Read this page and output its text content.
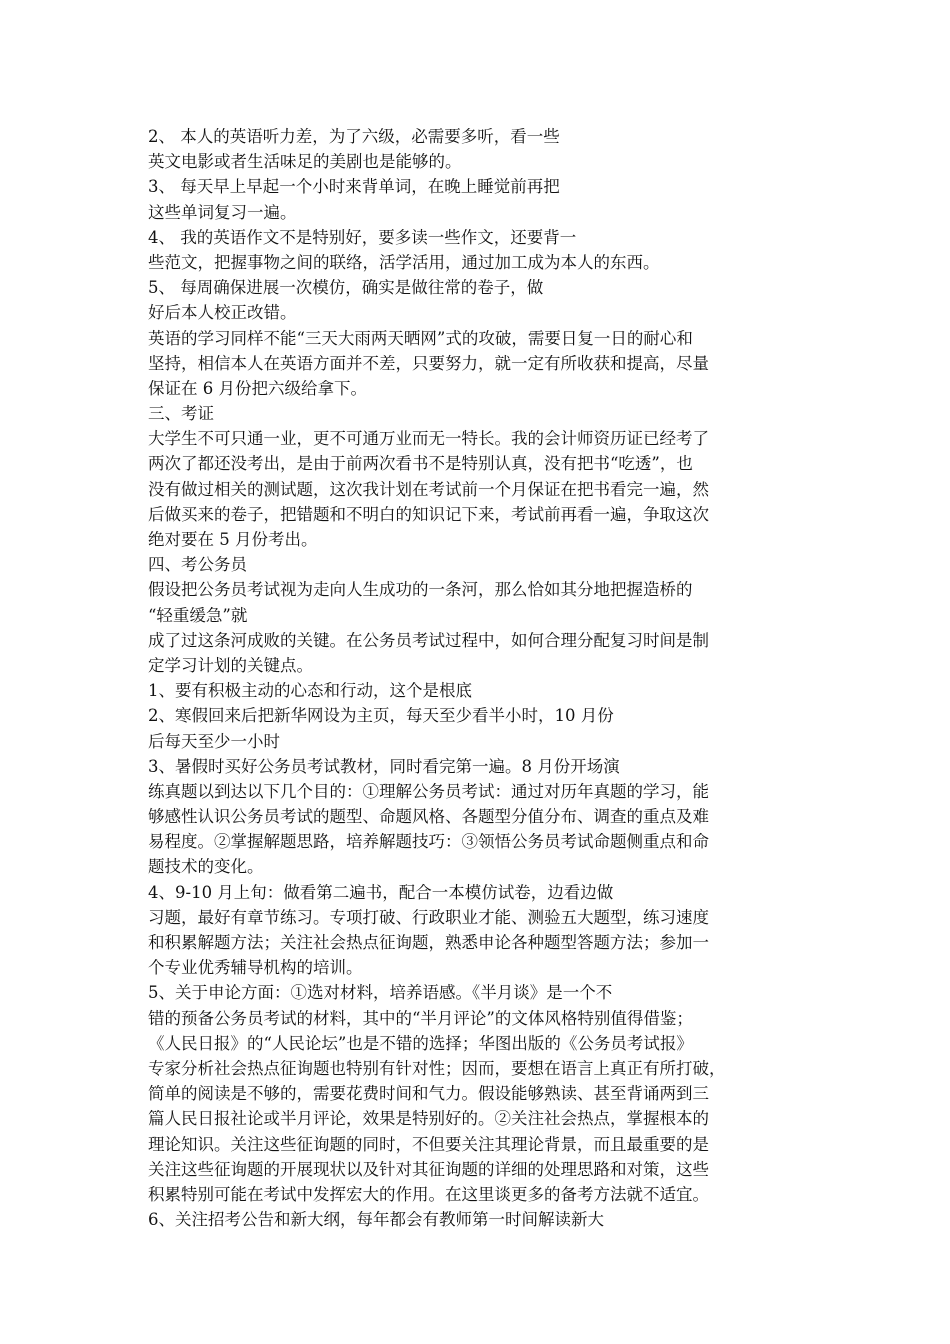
2、 本人的英语听力差，为了六级，必需要多听，看一些
英文电影或者生活味足的美剧也是能够的。
3、 每天早上早起一个小时来背单词，在晚上睡觉前再把
这些单词复习一遍。
4、 我的英语作文不是特别好，要多读一些作文，还要背一
些范文，把握事物之间的联络，活学活用，通过加工成为本人的东西。
5、 每周确保进展一次模仿，确实是做往常的卷子，做
好后本人校正改错。
英语的学习同样不能“三天大雨两天晒网”式的攻破，需要日复一日的耐心和
坚持，相信本人在英语方面并不差，只要努力，就一定有所收获和提高，尽量
保证在 6 月份把六级给拿下。
三、考证
大学生不可只通一业，更不可通万业而无一特长。我的会计师资历证已经考了
两次了都还没考出，是由于前两次看书不是特别认真，没有把书“吃透”，也
没有做过相关的测试题，这次我计划在考试前一个月保证在把书看完一遍，然
后做买来的卷子，把错题和不明白的知识记下来，考试前再看一遍，争取这次
绝对要在 5 月份考出。
四、考公务员
假设把公务员考试视为走向人生成功的一条河，那么恰如其分地把握造桥的
“轻重缓急”就
成了过这条河成败的关键。在公务员考试过程中，如何合理分配复习时间是制
定学习计划的关键点。
1、要有积极主动的心态和行动，这个是根底
2、寒假回来后把新华网设为主页，每天至少看半小时，10 月份
后每天至少一小时
3、暑假时买好公务员考试教材，同时看完第一遍。8 月份开场演
练真题以到达以下几个目的：①理解公务员考试：通过对历年真题的学习，能
够感性认识公务员考试的题型、命题风格、各题型分值分布、调查的重点及难
易程度。②掌握解题思路，培养解题技巧：③领悟公务员考试命题侧重点和命
题技术的变化。
4、9-10 月上旬：做看第二遍书，配合一本模仿试卷，边看边做
习题，最好有章节练习。专项打破、行政职业才能、测验五大题型，练习速度
和积累解题方法；关注社会热点征询题，熟悉申论各种题型答题方法；参加一
个专业优秀辅导机构的培训。
5、关于申论方面：①选对材料，培养语感。《半月谈》是一个不
错的预备公务员考试的材料，其中的“半月评论”的文体风格特别值得借鉴；
《人民日报》的“人民论坛”也是不错的选择；华图出版的《公务员考试报》
专家分析社会热点征询题也特别有针对性；因而，要想在语言上真正有所打破，
简单的阅读是不够的，需要花费时间和气力。假设能够熟读、甚至背诵两到三
篇人民日报社论或半月评论，效果是特别好的。②关注社会热点，掌握根本的
理论知识。关注这些征询题的同时，不但要关注其理论背景，而且最重要的是
关注这些征询题的开展现状以及针对其征询题的详细的处理思路和对策，这些
积累特别可能在考试中发挥宏大的作用。在这里谈更多的备考方法就不适宜。
6、关注招考公告和新大纲，每年都会有教师第一时间解读新大
